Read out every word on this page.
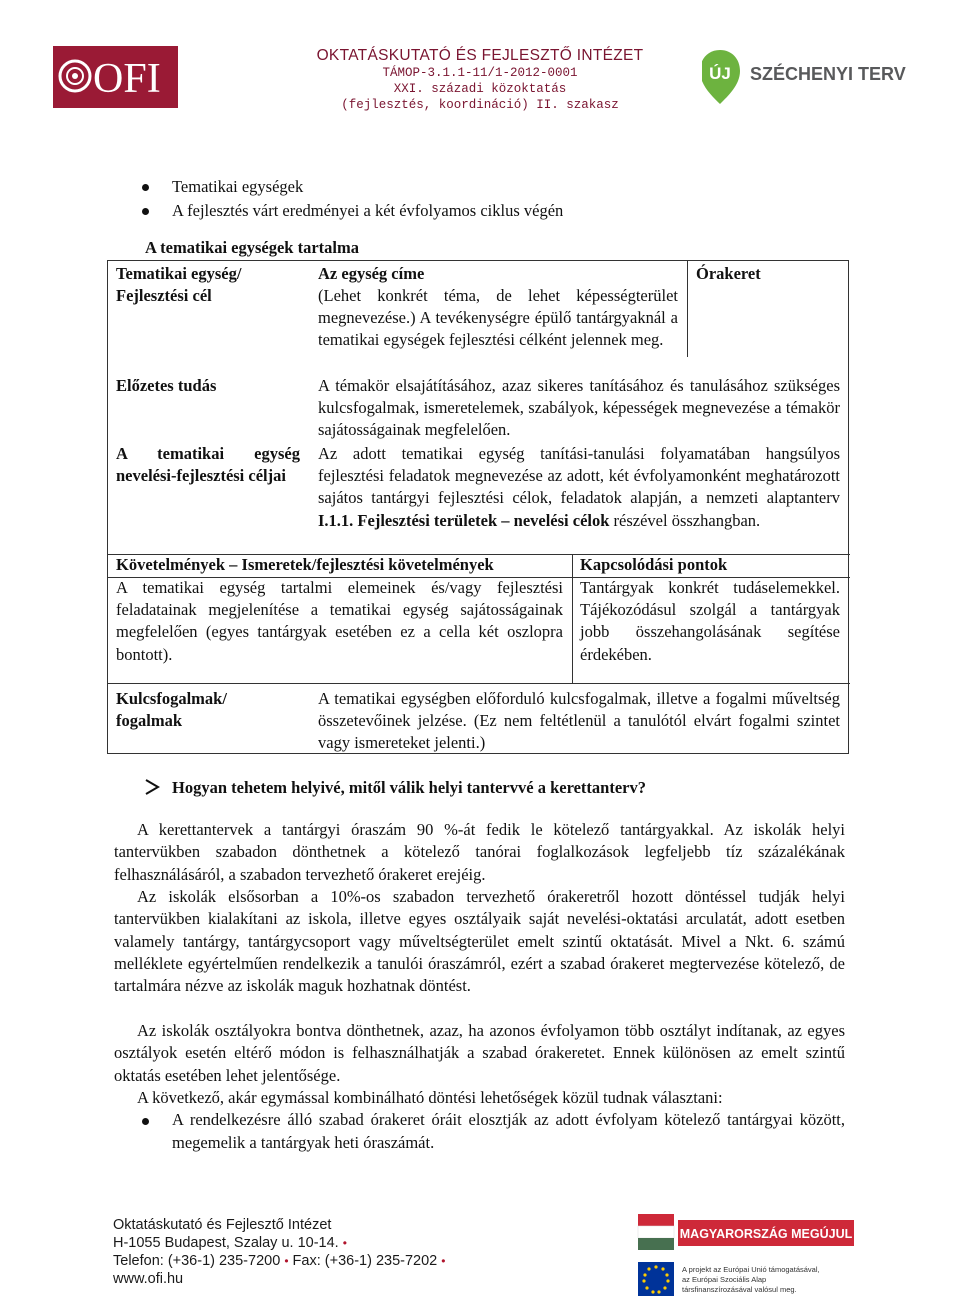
OFI
OKTATÁSKUTATÓ ÉS FEJLESZTŐ INTÉZET
TÁMOP-3.1.1-11/1-2012-0001
XXI. századi közoktatás
(fejlesztés, koordináció) II. szakasz
ÚJ SZÉCHENYI TERV
Tematikai egységek
A fejlesztés várt eredményei a két évfolyamos ciklus végén
A tematikai egységek tartalma
Tematikai egység/ Fejlesztési cél
Az egység címe
(Lehet konkrét téma, de lehet képességterület megnevezése.) A tevékenységre épülő tantárgyaknál a tematikai egységek fejlesztési célként jelennek meg.
Órakeret
Előzetes tudás	A témakör elsajátításához, azaz sikeres tanításához és tanulásához szükséges kulcsfogalmak, ismeretelemek, szabályok, képességek megnevezése a témakör sajátosságainak megfelelően.
A tematikai egység nevelési-fejlesztési céljai
Az adott tematikai egység tanítási-tanulási folyamatában hangsúlyos fejlesztési feladatok megnevezése az adott, két évfolyamonként meghatározott sajátos tantárgyi fejlesztési célok, feladatok alapján, a nemzeti alaptanterv I.1.1. Fejlesztési területek – nevelési célok részével összhangban.
Követelmények – Ismeretek/fejlesztési követelmények	Kapcsolódási pontok
A tematikai egység tartalmi elemeinek és/vagy fejlesztési feladatainak megjelenítése a tematikai egység sajátosságainak megfelelően (egyes tantárgyak esetében ez a cella két oszlopra bontott).
Tantárgyak konkrét tudáselemekkel. Tájékozódásul szolgál a tantárgyak jobb összehangolásának segítése érdekében.
Kulcsfogalmak/ fogalmak
A tematikai egységben előforduló kulcsfogalmak, illetve a fogalmi műveltség összetevőinek jelzése. (Ez nem feltétlenül a tanulótól elvárt fogalmi szintet vagy ismereteket jelenti.)
Hogyan tehetem helyivé, mitől válik helyi tantervvé a kerettanterv?

A kerettantervek a tantárgyi óraszám 90 %-át fedik le kötelező tantárgyakkal. Az iskolák helyi tantervükben szabadon dönthetnek a kötelező tanórai foglalkozások legfeljebb tíz százalékának felhasználásáról, a szabadon tervezhető órakeret erejéig.

Az iskolák elsősorban a 10%-os szabadon tervezhető órakeretről hozott döntéssel tudják helyi tantervükben kialakítani az iskola, illetve egyes osztályaik saját nevelési-oktatási arculatát, adott esetben valamely tantárgy, tantárgycsoport vagy műveltségterület emelt szintű oktatását. Mivel a Nkt. 6. számú melléklete egyértelműen rendelkezik a tanulói óraszámról, ezért a szabad órakeret megtervezése kötelező, de tartalmára nézve az iskolák maguk hozhatnak döntést.

Az iskolák osztályokra bontva dönthetnek, azaz, ha azonos évfolyamon több osztályt indítanak, az egyes osztályok esetén eltérő módon is felhasználhatják a szabad órakeretet. Ennek különösen az emelt szintű oktatás esetében lehet jelentősége.

A következő, akár egymással kombinálható döntési lehetőségek közül tudnak választani:

A rendelkezésre álló szabad órakeret óráit elosztják az adott évfolyam kötelező tantárgyai között, megemelik a tantárgyak heti óraszámát.

Oktatáskutató és Fejlesztő Intézet
H-1055 Budapest, Szalay u. 10-14. •
Telefon: (+36-1) 235-7200 • Fax: (+36-1) 235-7202 •
www.ofi.hu
MAGYARORSZÁG MEGÚJUL
A projekt az Európai Unió támogatásával,
az Európai Szociális Alap
társfinanszírozásával valósul meg.
